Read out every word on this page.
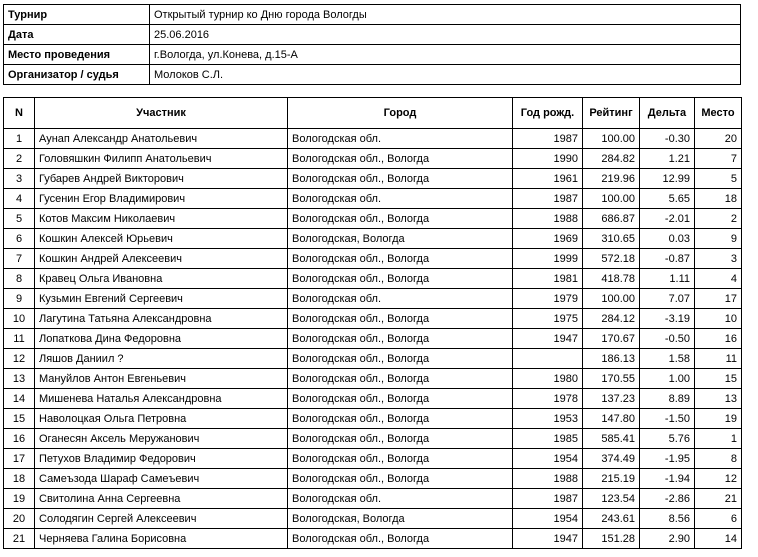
Турнир	Открытый турнир ко Дню города Вологды
Дата	25.06.2016
Место проведения	г.Вологда, ул.Конева, д.15-А
Организатор / судья	Молоков С.Л.
N	Участник	Город	Год рожд.	Рейтинг	Дельта	Место
1	Аунап Александр Анатольевич	Вологодская обл.	1987	100.00	-0.30	20
2	Головяшкин Филипп Анатольевич	Вологодская обл., Вологда	1990	284.82	1.21	7
3	Губарев Андрей Викторович	Вологодская обл., Вологда	1961	219.96	12.99	5
4	Гусенин Егор Владимирович	Вологодская обл.	1987	100.00	5.65	18
5	Котов Максим Николаевич	Вологодская обл., Вологда	1988	686.87	-2.01	2
6	Кошкин Алексей Юрьевич	Вологодская, Вологда	1969	310.65	0.03	9
7	Кошкин Андрей Алексеевич	Вологодская обл., Вологда	1999	572.18	-0.87	3
8	Кравец Ольга Ивановна	Вологодская обл., Вологда	1981	418.78	1.11	4
9	Кузьмин Евгений Сергеевич	Вологодская обл.	1979	100.00	7.07	17
10	Лагутина Татьяна Александровна	Вологодская обл., Вологда	1975	284.12	-3.19	10
11	Лопаткова Дина Федоровна	Вологодская обл., Вологда	1947	170.67	-0.50	16
12	Ляшов Даниил ?	Вологодская обл., Вологда		186.13	1.58	11
13	Мануйлов Антон Евгеньевич	Вологодская обл., Вологда	1980	170.55	1.00	15
14	Мишенева Наталья Александровна	Вологодская обл., Вологда	1978	137.23	8.89	13
15	Наволоцкая Ольга Петровна	Вологодская обл., Вологда	1953	147.80	-1.50	19
16	Оганесян Аксель Меружанович	Вологодская обл., Вологда	1985	585.41	5.76	1
17	Петухов Владимир Федорович	Вологодская обл., Вологда	1954	374.49	-1.95	8
18	Самеъзода Шараф Самеъевич	Вологодская обл., Вологда	1988	215.19	-1.94	12
19	Свитолина Анна Сергеевна	Вологодская обл.	1987	123.54	-2.86	21
20	Солодягин Сергей Алексеевич	Вологодская, Вологда	1954	243.61	8.56	6
21	Черняева Галина Борисовна	Вологодская обл., Вологда	1947	151.28	2.90	14
